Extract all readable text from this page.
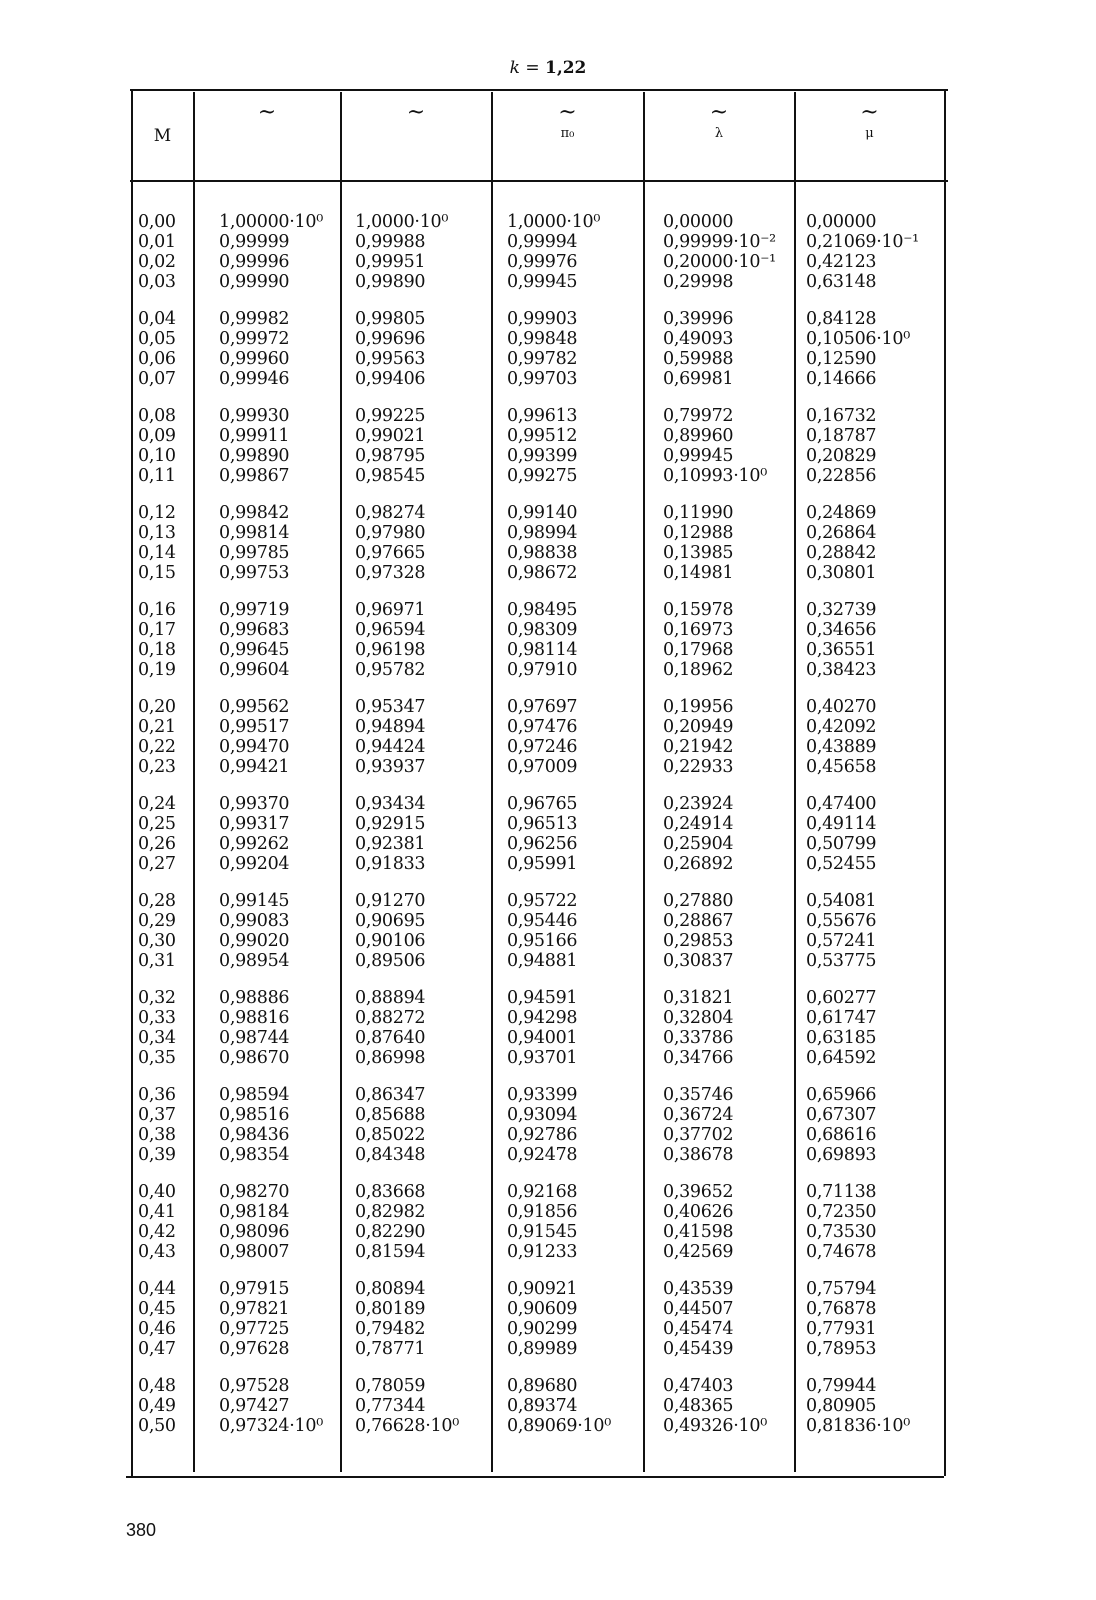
k = 1,22
M
~	~	~
π₀
~
λ
~
μ
0,00
0,01
0,02
0,03
0,04
0,05
0,06
0,07
0,08
0,09
0,10
0,11
0,12
0,13
0,14
0,15
0,16
0,17
0,18
0,19
0,20
0,21
0,22
0,23
0,24
0,25
0,26
0,27
0,28
0,29
0,30
0,31
0,32
0,33
0,34
0,35
0,36
0,37
0,38
0,39
0,40
0,41
0,42
0,43
0,44
0,45
0,46
0,47
0,48
0,49
0,50
1,00000·10⁰
0,99999
0,99996
0,99990
0,99982
0,99972
0,99960
0,99946
0,99930
0,99911
0,99890
0,99867
0,99842
0,99814
0,99785
0,99753
0,99719
0,99683
0,99645
0,99604
0,99562
0,99517
0,99470
0,99421
0,99370
0,99317
0,99262
0,99204
0,99145
0,99083
0,99020
0,98954
0,98886
0,98816
0,98744
0,98670
0,98594
0,98516
0,98436
0,98354
0,98270
0,98184
0,98096
0,98007
0,97915
0,97821
0,97725
0,97628
0,97528
0,97427
0,97324·10⁰
1,0000·10⁰
0,99988
0,99951
0,99890
0,99805
0,99696
0,99563
0,99406
0,99225
0,99021
0,98795
0,98545
0,98274
0,97980
0,97665
0,97328
0,96971
0,96594
0,96198
0,95782
0,95347
0,94894
0,94424
0,93937
0,93434
0,92915
0,92381
0,91833
0,91270
0,90695
0,90106
0,89506
0,88894
0,88272
0,87640
0,86998
0,86347
0,85688
0,85022
0,84348
0,83668
0,82982
0,82290
0,81594
0,80894
0,80189
0,79482
0,78771
0,78059
0,77344
0,76628·10⁰
1,0000·10⁰
0,99994
0,99976
0,99945
0,99903
0,99848
0,99782
0,99703
0,99613
0,99512
0,99399
0,99275
0,99140
0,98994
0,98838
0,98672
0,98495
0,98309
0,98114
0,97910
0,97697
0,97476
0,97246
0,97009
0,96765
0,96513
0,96256
0,95991
0,95722
0,95446
0,95166
0,94881
0,94591
0,94298
0,94001
0,93701
0,93399
0,93094
0,92786
0,92478
0,92168
0,91856
0,91545
0,91233
0,90921
0,90609
0,90299
0,89989
0,89680
0,89374
0,89069·10⁰
0,00000
0,99999·10⁻²
0,20000·10⁻¹
0,29998
0,39996
0,49093
0,59988
0,69981
0,79972
0,89960
0,99945
0,10993·10⁰
0,11990
0,12988
0,13985
0,14981
0,15978
0,16973
0,17968
0,18962
0,19956
0,20949
0,21942
0,22933
0,23924
0,24914
0,25904
0,26892
0,27880
0,28867
0,29853
0,30837
0,31821
0,32804
0,33786
0,34766
0,35746
0,36724
0,37702
0,38678
0,39652
0,40626
0,41598
0,42569
0,43539
0,44507
0,45474
0,45439
0,47403
0,48365
0,49326·10⁰
0,00000
0,21069·10⁻¹
0,42123
0,63148
0,84128
0,10506·10⁰
0,12590
0,14666
0,16732
0,18787
0,20829
0,22856
0,24869
0,26864
0,28842
0,30801
0,32739
0,34656
0,36551
0,38423
0,40270
0,42092
0,43889
0,45658
0,47400
0,49114
0,50799
0,52455
0,54081
0,55676
0,57241
0,53775
0,60277
0,61747
0,63185
0,64592
0,65966
0,67307
0,68616
0,69893
0,71138
0,72350
0,73530
0,74678
0,75794
0,76878
0,77931
0,78953
0,79944
0,80905
0,81836·10⁰
380
